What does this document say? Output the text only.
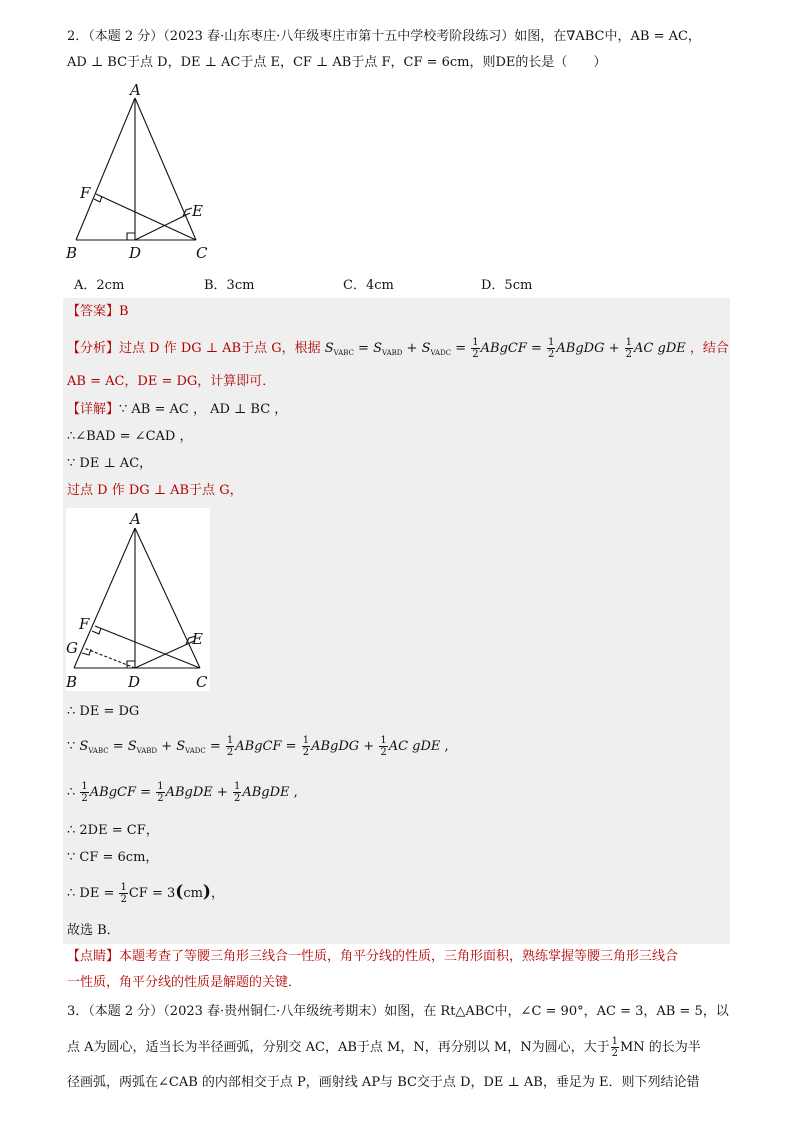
2．（本题 2 分）（2023 春·山东枣庄·八年级枣庄市第十五中学校考阶段练习）如图，在∇ABC中，AB = AC，
AD ⊥ BC于点 D，DE ⊥ AC于点 E，CF ⊥ AB于点 F，CF = 6cm，则DE的长是（　　）
A
B	C
D
E
F
A．2cm	B．3cm	C．4cm	D．5cm
【答案】B
【分析】过点 D 作 DG ⊥ AB于点 G，根据 $S_{VABC} = S_{VABD} + S_{VADC} = \frac{1}{2}$ ABgCF = $\frac{1}{2}$ ABgDG + $\frac{1}{2}$ AC gDE ，结合
AB = AC，DE = DG，计算即可．
【详解】∵ AB = AC ， AD ⊥ BC ，
∴∠BAD = ∠CAD ，
∵ DE ⊥ AC，
过点 D 作 DG ⊥ AB于点 G，
A
B	C
D
E
F
G
∴ DE = DG
∵ $S_{VABC} = S_{VABD} + S_{VADC} = \frac{1}{2}$ ABgCF = $\frac{1}{2}$ ABgDG + $\frac{1}{2}$ AC gDE ,
∴ $\frac{1}{2}$ ABgCF = $\frac{1}{2}$ ABgDE + $\frac{1}{2}$ ABgDE ,
∴ 2DE = CF，
∵ CF = 6cm，
∴ DE = $\frac{1}{2}$ CF = 3(cm)，
故选 B．
【点睛】本题考查了等腰三角形三线合一性质，角平分线的性质，三角形面积，熟练掌握等腰三角形三线合
一性质，角平分线的性质是解题的关键．
3．（本题 2 分）（2023 春·贵州铜仁·八年级统考期末）如图，在 Rt△ABC中，∠C = 90°，AC = 3，AB = 5，以
点 A为圆心，适当长为半径画弧，分别交 AC，AB于点 M，N，再分别以 M，N为圆心，大于 $\frac{1}{2}$ MN 的长为半
径画弧，两弧在∠CAB 的内部相交于点 P，画射线 AP与 BC交于点 D，DE ⊥ AB，垂足为 E．则下列结论错
